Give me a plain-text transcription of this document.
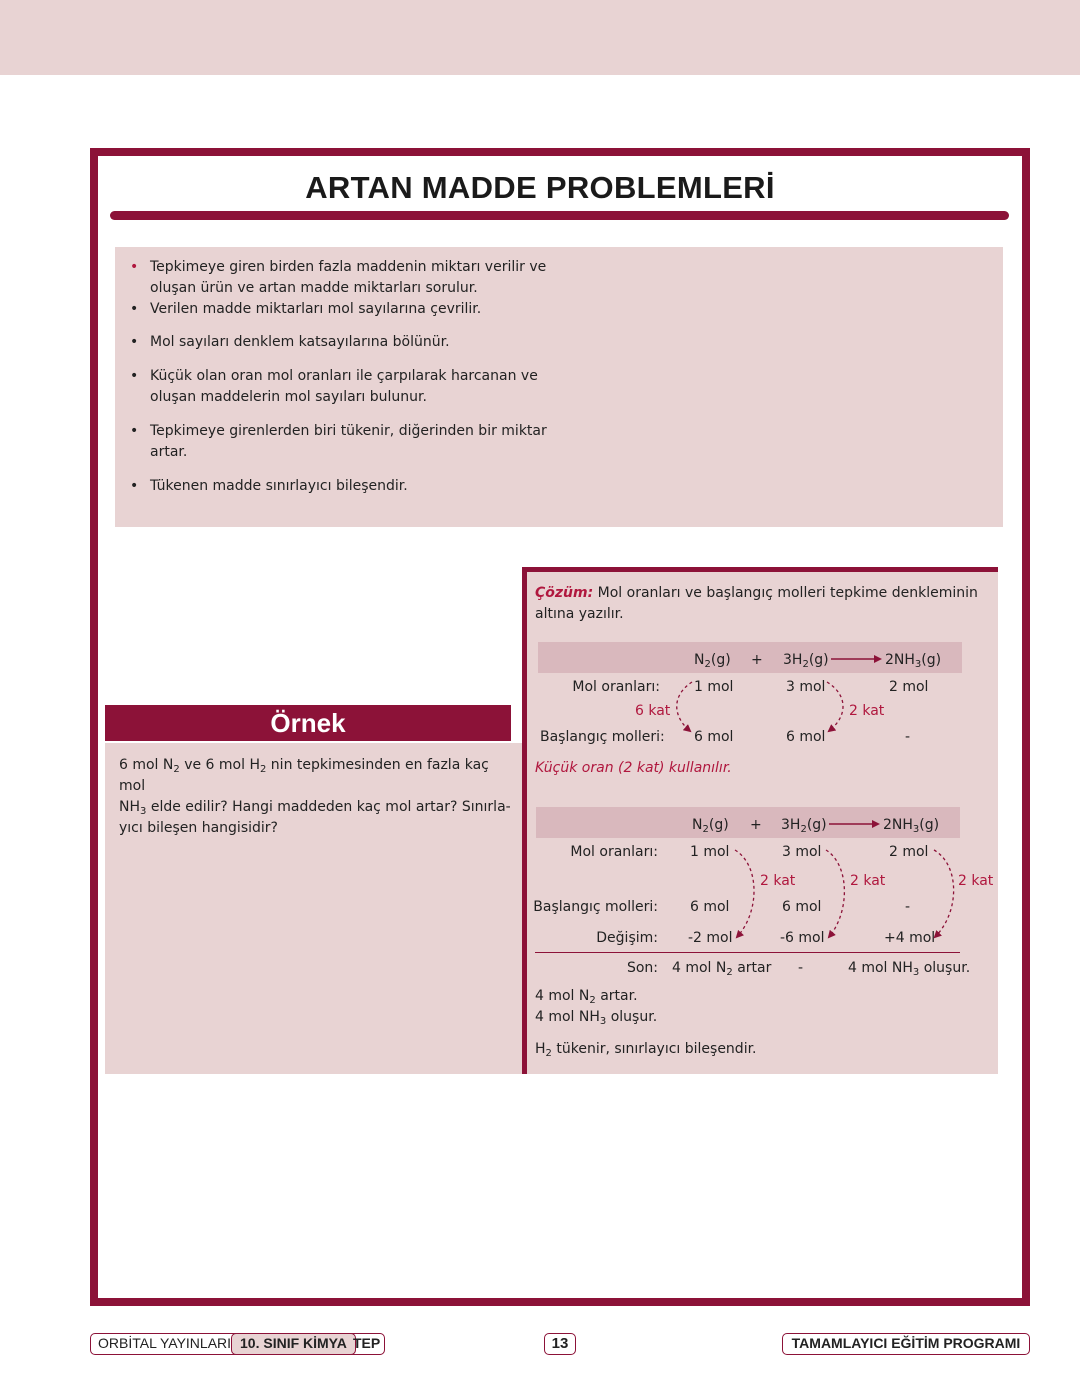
ARTAN MADDE PROBLEMLERİ
• Tepkimeye giren birden fazla maddenin miktarı verilir ve
oluşan ürün ve artan madde miktarları sorulur.
• Verilen madde miktarları mol sayılarına çevrilir.
• Mol sayıları denklem katsayılarına bölünür.
• Küçük olan oran mol oranları ile çarpılarak harcanan ve
oluşan maddelerin mol sayıları bulunur.
• Tepkimeye girenlerden biri tükenir, diğerinden bir miktar
artar.
• Tükenen madde sınırlayıcı bileşendir.
Örnek
6 mol $N_2$ ve 6 mol $H_2$ nin tepkimesinden en fazla kaç mol
$NH_3$ elde edilir? Hangi maddeden kaç mol artar? Sınırla-
yıcı bileşen hangisidir?
Çözüm: Mol oranları ve başlangıç molleri tepkime denkleminin
altına yazılır.
$N_2(g) + 3H_2(g)$	$2NH_3(g)$
Mol oranları: 1 mol	3 mol	2 mol
6 kat	2 kat
Başlangıç molleri: 6 mol	6 mol	-
Küçük oran (2 kat) kullanılır.
$N_2(g) + 3H_2(g)$	$2NH_3(g)$
Mol oranları: 1 mol	3 mol	2 mol
2 kat	2 kat	2 kat
Başlangıç molleri: 6 mol	6 mol	-
Değişim: -2 mol	-6 mol	+4 mol
Son: 4 mol $N_2$ artar -	4 mol $NH_3$ oluşur.
4 mol $N_2$ artar.
4 mol $NH_3$ oluşur.
$H_2$ tükenir, sınırlayıcı bileşendir.
ORBİTAL YAYINLARI 10. SINIF KİMYA TEP	13	TAMAMLAYICI EĞİTİM PROGRAMI
